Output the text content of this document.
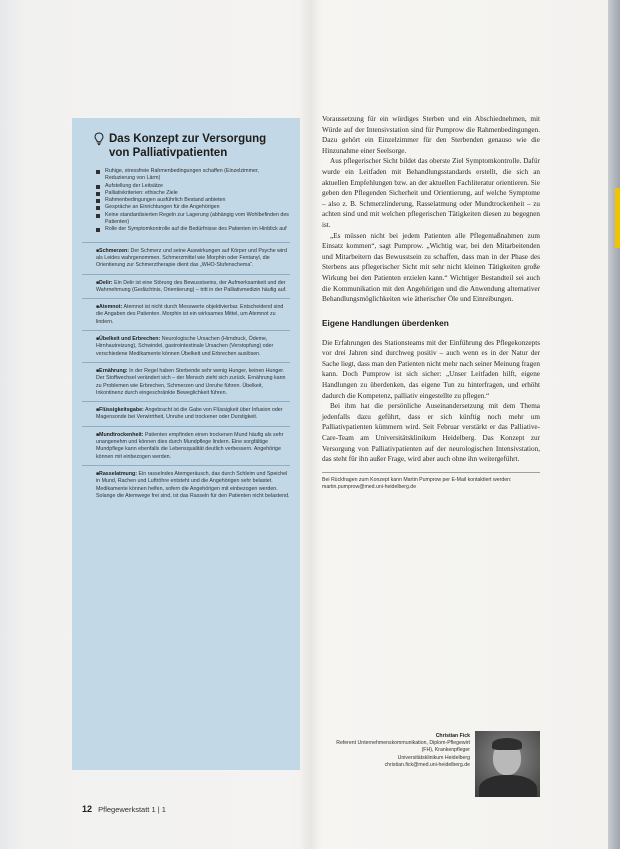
Das Konzept zur Versorgung
von Palliativpatienten
Ruhige, stressfreie Rahmenbedingungen schaffen (Einzelzimmer, Reduzierung von Lärm)
Aufstellung der Leitsätze
Palliativkriterien: ethische Ziele
Rahmenbedingungen ausführlich Bestand anbieten
Gespräche an Einrichtungen für die Angehörigen
Keine standardisierten Regeln zur Lagerung (abhängig vom Wohlbefinden des Patienten)
Rolle der Symptomkontrolle auf die Bedürfnisse des Patienten im Hinblick auf
■ Schmerzen: Der Schmerz und seine Auswirkungen auf Körper und Psyche wird als Leides wahrgenommen. Schmerzmittel wie Morphin oder Fentanyl, die Orientierung zur Schmerztherapie dient das „WHO-Stufenschema“.
■ Delir: Ein Delir ist eine Störung des Bewusstseins, der Aufmerksamkeit und der Wahrnehmung (Gedächtnis, Orientierung) – tritt in der Palliativmedizin häufig auf.
■ Atemnot: Atemnot ist nicht durch Messwerte objektivierbar. Entscheidend sind die Angaben des Patienten. Morphin ist ein wirksames Mittel, um Atemnot zu lindern.
■ Übelkeit und Erbrechen: Neurologische Ursachen (Hirndruck, Ödeme, Hirnhautreizung), Schwindel, gastrointestinale Ursachen (Verstopfung) oder verschiedene Medikamente können Übelkeit und Erbrechen auslösen.
■ Ernährung: In der Regel haben Sterbende sehr wenig Hunger, keinen Hunger. Der Stoffwechsel verändert sich – der Mensch zieht sich zurück. Ernährung kann zu Problemen wie Erbrechen, Schmerzen und Unruhe führen. Übelkeit, Inkontinenz durch eingeschränkte Beweglichkeit führen.
■ Flüssigkeitsgabe: Angebracht ist die Gabe von Flüssigkeit über Infusion oder Magensonde bei Verwirrtheit, Unruhe und trockener oder Durstigkeit.
■ Mundtrockenheit: Patienten empfinden einen trockenen Mund häufig als sehr unangenehm und können dies durch Mundpflege lindern. Eine sorgfältige Mundpflege kann ebenfalls die Lebensqualität deutlich verbessern. Angehörige können mit einbezogen werden.
■ Rasselatmung: Ein rasselndes Atemgeräusch, das durch Schleim und Speichel in Mund, Rachen und Luftröhre entsteht und die Angehörigen sehr belastet. Medikamente können helfen, sofern die Angehörigen mit einbezogen werden. Solange die Atemwege frei sind, ist das Rasseln für den Patienten nicht belastend.

Voraussetzung für ein würdiges Sterben und ein Abschiednehmen, mit Würde auf der Intensivstation sind für Pumprow die Rahmenbedingungen. Dazu gehört ein Einzelzimmer für den Sterbenden genauso wie die Hinzunahme einer Seelsorge.

Aus pflegerischer Sicht bildet das oberste Ziel Symptomkontrolle. Dafür wurde ein Leitfaden mit Behandlungsstandards erstellt, die sich an aktuellen Empfehlungen bzw. an der aktuellen Fachliteratur orientieren. Sie geben den Pflegenden Sicherheit und Orientierung, auf welche Symptome – also z. B. Schmerzlinderung, Rasselatmung oder Mundtrockenheit – zu achten sind und mit welchen pflegerischen Tätigkeiten diesen zu begegnen ist.

„Es müssen nicht bei jedem Patienten alle Pflegemaßnahmen zum Einsatz kommen“, sagt Pumprow. „Wichtig war, bei den Mitarbeitenden und Mitarbeitern das Bewusstsein zu schaffen, dass man in der Phase des Sterbens aus pflegerischer Sicht mit sehr nicht kleinen Tätigkeiten große Wirkung bei den Patienten erzielen kann.“ Wichtiger Bestandteil sei auch die Kommunikation mit den Angehörigen und die Anwendung alternativer Behandlungsmöglichkeiten wie ätherischer Öle und Einreibungen.

Eigene Handlungen überdenken

Die Erfahrungen des Stationsteams mit der Einführung des Pflegekonzepts vor drei Jahren sind durchweg positiv – auch wenn es in der Natur der Sache liegt, dass man den Patienten nicht mehr nach seiner Meinung fragen kann. Doch Pumprow ist sich sicher: „Unser Leitfaden hilft, eigene Handlungen zu überdenken, das eigene Tun zu hinterfragen, und erhöht dadurch die Kompetenz, palliativ eingestellte zu pflegen.“

Bei ihm hat die persönliche Auseinandersetzung mit dem Thema jedenfalls dazu geführt, dass er sich künftig noch mehr um Palliativpatienten kümmern wird. Seit Februar verstärkt er das Palliative-Care-Team am Universitätsklinikum Heidelberg. Das Konzept zur Versorgung von Palliativpatienten auf der neurologischen Intensivstation, das steht für ihn außer Frage, wird aber auch ohne ihn weitergeführt.

Bei Rückfragen zum Konzept kann Martin Pumprow per E-Mail kontaktiert werden: martin.pumprow@med.uni-heidelberg.de
Christian Fick
Referent Unternehmenskommunikation, Diplom-Pflegewirt
(FH), Krankenpfleger
Universitätsklinikum Heidelberg
christian.fick@med.uni-heidelberg.de
12 Pflegewerkstatt 1 | 1
